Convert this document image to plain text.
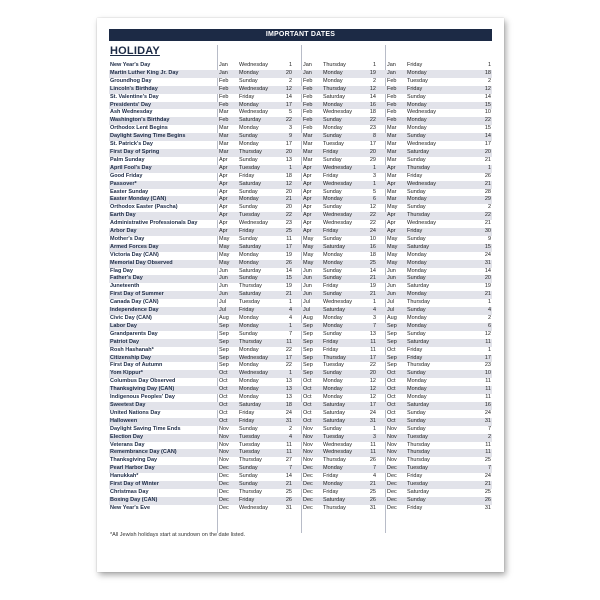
IMPORTANT DATES
HOLIDAY
New Year's Day	Jan Wednesday	1 Jan Thursday	1 Jan Friday	1
Martin Luther King Jr. Day	Jan Monday	20 Jan Monday	19 Jan Monday	18
Groundhog Day	Feb Sunday	2 Feb Monday	2 Feb Tuesday	2
Lincoln's Birthday	Feb Wednesday	12 Feb Thursday	12 Feb Friday	12
St. Valentine's Day	Feb Friday	14 Feb Saturday	14 Feb Sunday	14
Presidents' Day	Feb Monday	17 Feb Monday	16 Feb Monday	15
Ash Wednesday	Mar Wednesday	5 Feb Wednesday	18 Feb Wednesday	10
Washington's Birthday	Feb Saturday	22 Feb Sunday	22 Feb Monday	22
Orthodox Lent Begins	Mar Monday	3 Feb Monday	23 Mar Monday	15
Daylight Saving Time Begins	Mar Sunday	9 Mar Sunday	8 Mar Sunday	14
St. Patrick's Day	Mar Monday	17 Mar Tuesday	17 Mar Wednesday	17
First Day of Spring	Mar Thursday	20 Mar Friday	20 Mar Saturday	20
Palm Sunday	Apr Sunday	13 Mar Sunday	29 Mar Sunday	21
April Fool's Day	Apr Tuesday	1 Apr Wednesday	1 Apr Thursday	1
Good Friday	Apr Friday	18 Apr Friday	3 Mar Friday	26
Passover*	Apr Saturday	12 Apr Wednesday	1 Apr Wednesday	21
Easter Sunday	Apr Sunday	20 Apr Sunday	5 Mar Sunday	28
Easter Monday (CAN)	Apr Monday	21 Apr Monday	6 Mar Monday	29
Orthodox Easter (Pascha)	Apr Sunday	20 Apr Sunday	12 May Sunday	2
Earth Day	Apr Tuesday	22 Apr Wednesday	22 Apr Thursday	22
Administrative Professionals Day	Apr Wednesday	23 Apr Wednesday	22 Apr Wednesday	21
Arbor Day	Apr Friday	25 Apr Friday	24 Apr Friday	30
Mother's Day	May Sunday	11 May Sunday	10 May Sunday	9
Armed Forces Day	May Saturday	17 May Saturday	16 May Saturday	15
Victoria Day (CAN)	May Monday	19 May Monday	18 May Monday	24
Memorial Day Observed	May Monday	26 May Monday	25 May Monday	31
Flag Day	Jun Saturday	14 Jun Sunday	14 Jun Monday	14
Father's Day	Jun Sunday	15 Jun Sunday	21 Jun Sunday	20
Juneteenth	Jun Thursday	19 Jun Friday	19 Jun Saturday	19
First Day of Summer	Jun Saturday	21 Jun Sunday	21 Jun Monday	21
Canada Day (CAN)	Jul Tuesday	1 Jul Wednesday	1 Jul Thursday	1
Independence Day	Jul Friday	4 Jul Saturday	4 Jul Sunday	4
Civic Day (CAN)	Aug Monday	4 Aug Monday	3 Aug Monday	2
Labor Day	Sep Monday	1 Sep Monday	7 Sep Monday	6
Grandparents Day	Sep Sunday	7 Sep Sunday	13 Sep Sunday	12
Patriot Day	Sep Thursday	11 Sep Friday	11 Sep Saturday	11
Rosh Hashanah*	Sep Monday	22 Sep Friday	11 Oct Friday	1
Citizenship Day	Sep Wednesday	17 Sep Thursday	17 Sep Friday	17
First Day of Autumn	Sep Monday	22 Sep Tuesday	22 Sep Thursday	23
Yom Kippur*	Oct Wednesday	1 Sep Sunday	20 Oct Sunday	10
Columbus Day Observed	Oct Monday	13 Oct Monday	12 Oct Monday	11
Thanksgiving Day (CAN)	Oct Monday	13 Oct Monday	12 Oct Monday	11
Indigenous Peoples' Day	Oct Monday	13 Oct Monday	12 Oct Monday	11
Sweetest Day	Oct Saturday	18 Oct Saturday	17 Oct Saturday	16
United Nations Day	Oct Friday	24 Oct Saturday	24 Oct Sunday	24
Halloween	Oct Friday	31 Oct Saturday	31 Oct Sunday	31
Daylight Saving Time Ends	Nov Sunday	2 Nov Sunday	1 Nov Sunday	7
Election Day	Nov Tuesday	4 Nov Tuesday	3 Nov Tuesday	2
Veterans Day	Nov Tuesday	11 Nov Wednesday	11 Nov Thursday	11
Remembrance Day (CAN)	Nov Tuesday	11 Nov Wednesday	11 Nov Thursday	11
Thanksgiving Day	Nov Thursday	27 Nov Thursday	26 Nov Thursday	25
Pearl Harbor Day	Dec Sunday	7 Dec Monday	7 Dec Tuesday	7
Hanukkah*	Dec Sunday	14 Dec Friday	4 Dec Friday	24
First Day of Winter	Dec Sunday	21 Dec Monday	21 Dec Tuesday	21
Christmas Day	Dec Thursday	25 Dec Friday	25 Dec Saturday	25
Boxing Day (CAN)	Dec Friday	26 Dec Saturday	26 Dec Sunday	26
New Year's Eve	Dec Wednesday	31 Dec Thursday	31 Dec Friday	31
*All Jewish holidays start at sundown on the date listed.
